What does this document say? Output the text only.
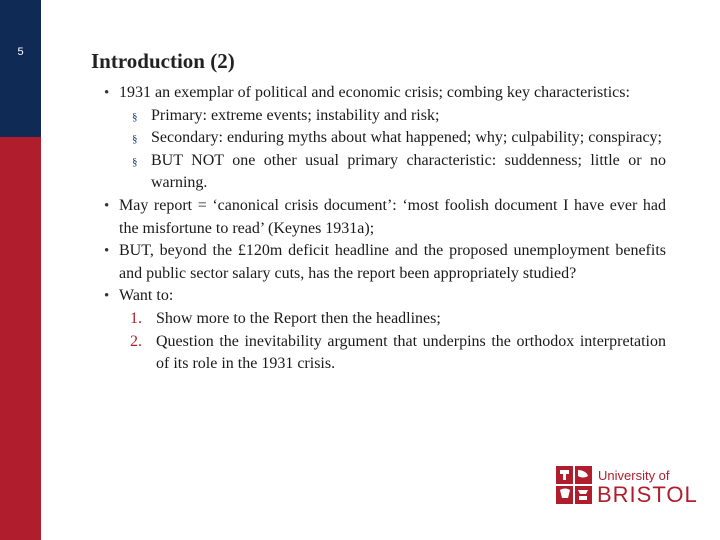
5	Introduction (2)

• 1931 an exemplar of political and economic crisis; combing key characteristics:

§ Primary: extreme events; instability and risk;

§ Secondary: enduring myths about what happened; why; culpability; conspiracy;

§ BUT NOT one other usual primary characteristic: suddenness; little or no warning.

• May report = ‘canonical crisis document’: ‘most foolish document I have ever had the misfortune to read’ (Keynes 1931a);

• BUT, beyond the £120m deficit headline and the proposed unemployment benefits and public sector salary cuts, has the report been appropriately studied?

• Want to:

1. Show more to the Report then the headlines;

2. Question the inevitability argument that underpins the orthodox interpretation of its role in the 1931 crisis.

University of
BRISTOL
